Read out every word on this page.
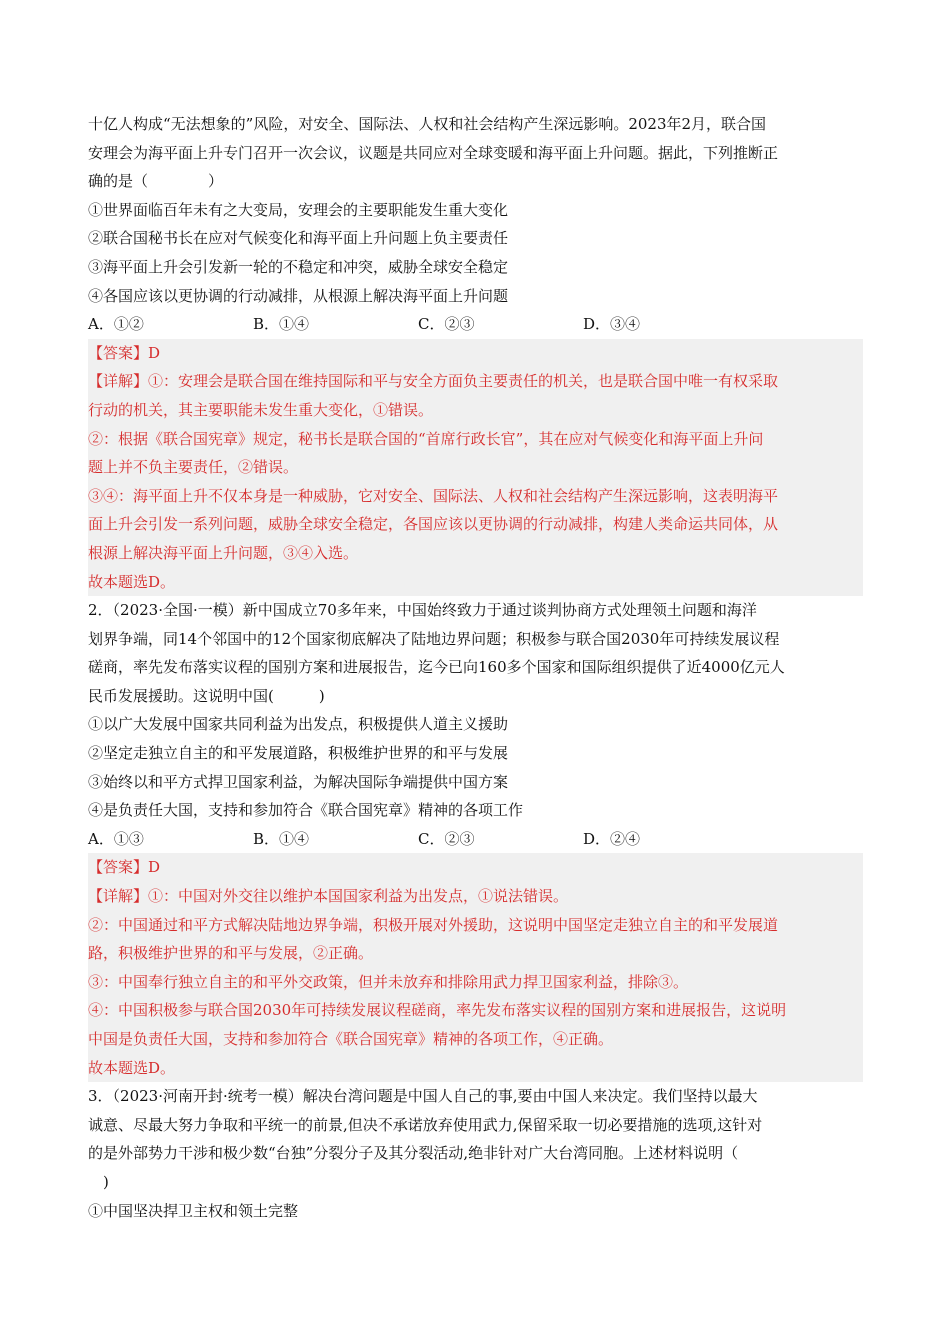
十亿人构成“无法想象的”风险，对安全、国际法、人权和社会结构产生深远影响。2023年2月，联合国
安理会为海平面上升专门召开一次会议，议题是共同应对全球变暖和海平面上升问题。据此，下列推断正
确的是（　　　　）
①世界面临百年未有之大变局，安理会的主要职能发生重大变化
②联合国秘书长在应对气候变化和海平面上升问题上负主要责任
③海平面上升会引发新一轮的不稳定和冲突，威胁全球安全稳定
④各国应该以更协调的行动减排，从根源上解决海平面上升问题
A．①②	B．①④	C．②③	D．③④
【答案】D
【详解】①：安理会是联合国在维持国际和平与安全方面负主要责任的机关，也是联合国中唯一有权采取
行动的机关，其主要职能未发生重大变化，①错误。
②：根据《联合国宪章》规定，秘书长是联合国的“首席行政长官”，其在应对气候变化和海平面上升问
题上并不负主要责任，②错误。
③④：海平面上升不仅本身是一种威胁，它对安全、国际法、人权和社会结构产生深远影响，这表明海平
面上升会引发一系列问题，威胁全球安全稳定，各国应该以更协调的行动减排，构建人类命运共同体，从
根源上解决海平面上升问题，③④入选。
故本题选D。
2．（2023·全国·一模）新中国成立70多年来，中国始终致力于通过谈判协商方式处理领土问题和海洋
划界争端，同14个邻国中的12个国家彻底解决了陆地边界问题；积极参与联合国2030年可持续发展议程
磋商，率先发布落实议程的国别方案和进展报告，迄今已向160多个国家和国际组织提供了近4000亿元人
民币发展援助。这说明中国(　　　)
①以广大发展中国家共同利益为出发点，积极提供人道主义援助
②坚定走独立自主的和平发展道路，积极维护世界的和平与发展
③始终以和平方式捍卫国家利益，为解决国际争端提供中国方案
④是负责任大国，支持和参加符合《联合国宪章》精神的各项工作
A．①③	B．①④	C．②③	D．②④
【答案】D
【详解】①：中国对外交往以维护本国国家利益为出发点，①说法错误。
②：中国通过和平方式解决陆地边界争端，积极开展对外援助，这说明中国坚定走独立自主的和平发展道
路，积极维护世界的和平与发展，②正确。
③：中国奉行独立自主的和平外交政策，但并未放弃和排除用武力捍卫国家利益，排除③。
④：中国积极参与联合国2030年可持续发展议程磋商，率先发布落实议程的国别方案和进展报告，这说明
中国是负责任大国，支持和参加符合《联合国宪章》精神的各项工作，④正确。
故本题选D。
3．（2023·河南开封·统考一模）解决台湾问题是中国人自己的事,要由中国人来决定。我们坚持以最大
诚意、尽最大努力争取和平统一的前景,但决不承诺放弃使用武力,保留采取一切必要措施的选项,这针对
的是外部势力干涉和极少数“台独”分裂分子及其分裂活动,绝非针对广大台湾同胞。上述材料说明（
　)
①中国坚决捍卫主权和领土完整
